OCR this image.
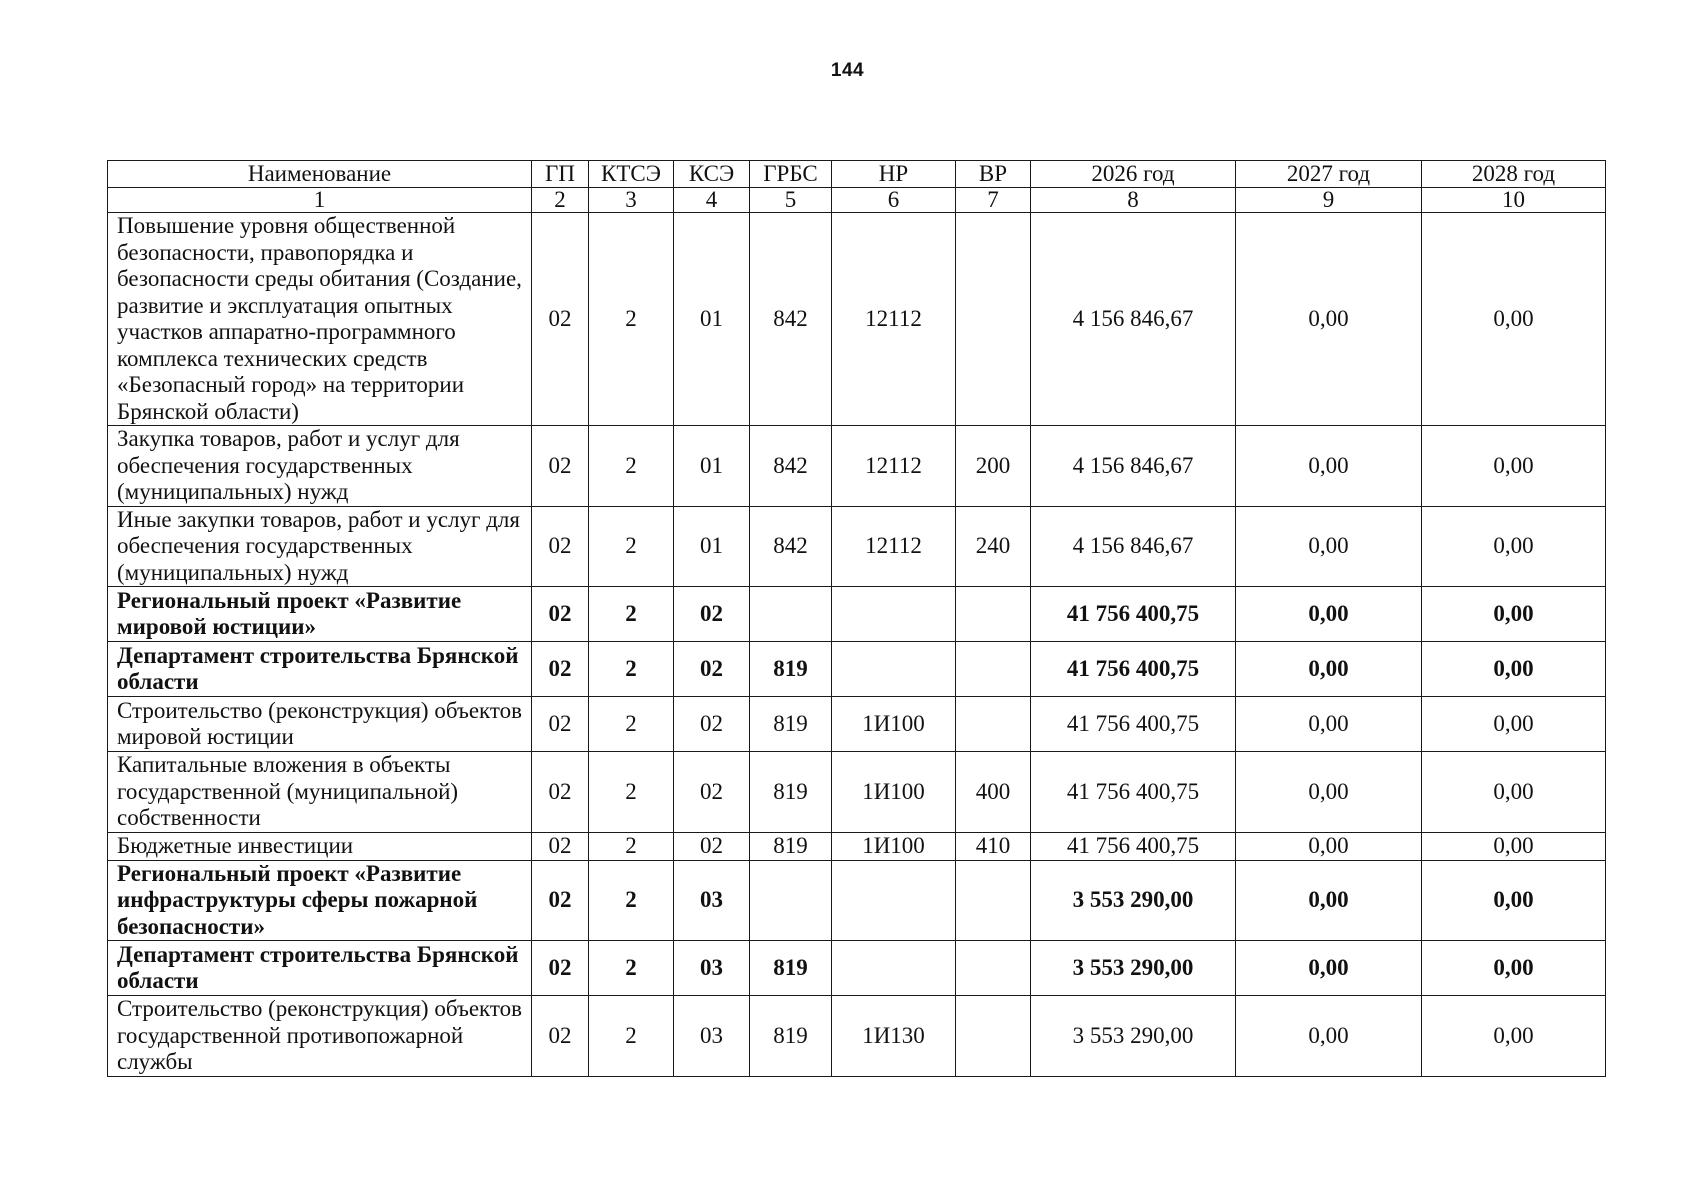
144
Наименование	ГП	КТСЭ	КСЭ	ГРБС	НР	ВР	2026 год	2027 год	2028 год
1	2	3	4	5	6	7	8	9	10
Повышение уровня общественной безопасности, правопорядка и безопасности среды обитания (Создание, развитие и эксплуатация опытных участков аппаратно-программного комплекса технических средств «Безопасный город» на территории Брянской области)	02	2	01	842	12112		4 156 846,67	0,00	0,00
Закупка товаров, работ и услуг для обеспечения государственных (муниципальных) нужд	02	2	01	842	12112	200	4 156 846,67	0,00	0,00
Иные закупки товаров, работ и услуг для обеспечения государственных (муниципальных) нужд	02	2	01	842	12112	240	4 156 846,67	0,00	0,00
Региональный проект «Развитие мировой юстиции»	02	2	02				41 756 400,75	0,00	0,00
Департамент строительства Брянской области	02	2	02	819			41 756 400,75	0,00	0,00
Строительство (реконструкция) объектов мировой юстиции	02	2	02	819	1И100		41 756 400,75	0,00	0,00
Капитальные вложения в объекты государственной (муниципальной) собственности	02	2	02	819	1И100	400	41 756 400,75	0,00	0,00
Бюджетные инвестиции	02	2	02	819	1И100	410	41 756 400,75	0,00	0,00
Региональный проект «Развитие инфраструктуры сферы пожарной безопасности»	02	2	03				3 553 290,00	0,00	0,00
Департамент строительства Брянской области	02	2	03	819			3 553 290,00	0,00	0,00
Строительство (реконструкция) объектов государственной противопожарной службы	02	2	03	819	1И130		3 553 290,00	0,00	0,00
